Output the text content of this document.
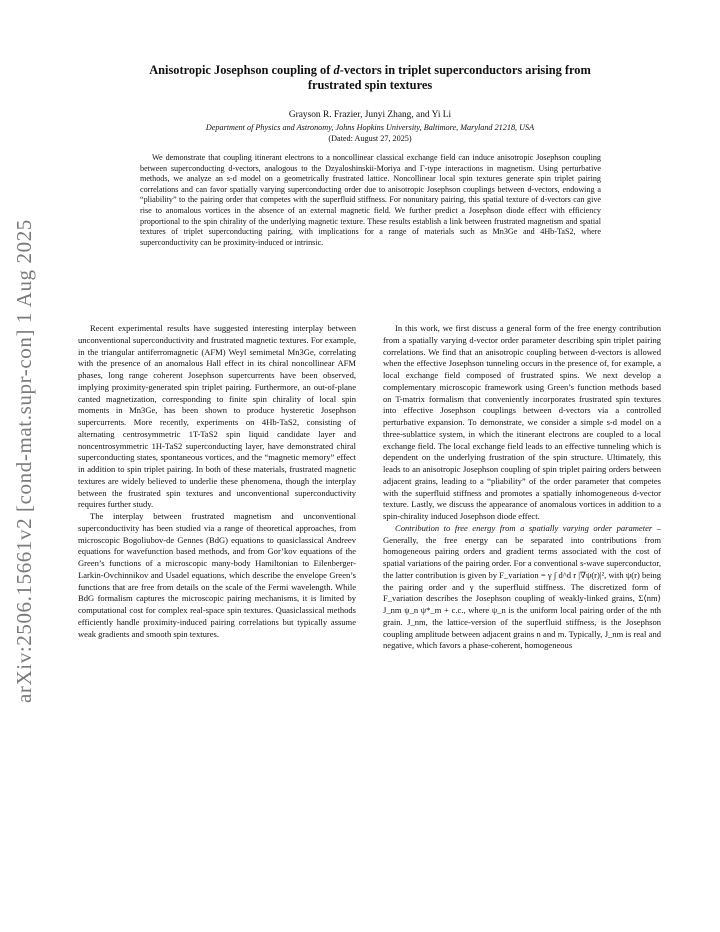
arXiv:2506.15661v2 [cond-mat.supr-con] 1 Aug 2025
Anisotropic Josephson coupling of d-vectors in triplet superconductors arising from
frustrated spin textures
Grayson R. Frazier, Junyi Zhang, and Yi Li
Department of Physics and Astronomy, Johns Hopkins University, Baltimore, Maryland 21218, USA
(Dated: August 27, 2025)
We demonstrate that coupling itinerant electrons to a noncollinear classical exchange field can induce anisotropic Josephson coupling between superconducting d-vectors, analogous to the Dzyaloshinskii-Moriya and Γ-type interactions in magnetism. Using perturbative methods, we analyze an s-d model on a geometrically frustrated lattice. Noncollinear local spin textures generate spin triplet pairing correlations and can favor spatially varying superconducting order due to anisotropic Josephson couplings between d-vectors, endowing a “pliability” to the pairing order that competes with the superfluid stiffness. For nonunitary pairing, this spatial texture of d-vectors can give rise to anomalous vortices in the absence of an external magnetic field. We further predict a Josephson diode effect with efficiency proportional to the spin chirality of the underlying magnetic texture. These results establish a link between frustrated magnetism and spatial textures of triplet superconducting pairing, with implications for a range of materials such as Mn3Ge and 4Hb-TaS2, where superconductivity can be proximity-induced or intrinsic.

Recent experimental results have suggested interesting interplay between unconventional superconductivity and frustrated magnetic textures. For example, in the triangular antiferromagnetic (AFM) Weyl semimetal Mn3Ge, correlating with the presence of an anomalous Hall effect in its chiral noncollinear AFM phases, long range coherent Josephson supercurrents have been observed, implying proximity-generated spin triplet pairing. Furthermore, an out-of-plane canted magnetization, corresponding to finite spin chirality of local spin moments in Mn3Ge, has been shown to produce hysteretic Josephson supercurrents. More recently, experiments on 4Hb-TaS2, consisting of alternating centrosymmetric 1T-TaS2 spin liquid candidate layer and noncentrosymmetric 1H-TaS2 superconducting layer, have demonstrated chiral superconducting states, spontaneous vortices, and the “magnetic memory” effect in addition to spin triplet pairing. In both of these materials, frustrated magnetic textures are widely believed to underlie these phenomena, though the interplay between the frustrated spin textures and unconventional superconductivity requires further study.

The interplay between frustrated magnetism and unconventional superconductivity has been studied via a range of theoretical approaches, from microscopic Bogoliubov-de Gennes (BdG) equations to quasiclassical Andreev equations for wavefunction based methods, and from Gor’kov equations of the Green’s functions of a microscopic many-body Hamiltonian to Eilenberger-Larkin-Ovchinnikov and Usadel equations, which describe the envelope Green’s functions that are free from details on the scale of the Fermi wavelength. While BdG formalism captures the microscopic pairing mechanisms, it is limited by computational cost for complex real-space spin textures. Quasiclassical methods efficiently handle proximity-induced pairing correlations but typically assume weak gradients and smooth spin textures.

In this work, we first discuss a general form of the free energy contribution from a spatially varying d-vector order parameter describing spin triplet pairing correlations. We find that an anisotropic coupling between d-vectors is allowed when the effective Josephson tunneling occurs in the presence of, for example, a local exchange field composed of frustrated spins. We next develop a complementary microscopic framework using Green’s function methods based on T-matrix formalism that conveniently incorporates frustrated spin textures into effective Josephson couplings between d-vectors via a controlled perturbative expansion. To demonstrate, we consider a simple s-d model on a three-sublattice system, in which the itinerant electrons are coupled to a local exchange field. The local exchange field leads to an effective tunneling which is dependent on the underlying frustration of the spin structure. Ultimately, this leads to an anisotropic Josephson coupling of spin triplet pairing orders between adjacent grains, leading to a “pliability” of the order parameter that competes with the superfluid stiffness and promotes a spatially inhomogeneous d-vector texture. Lastly, we discuss the appearance of anomalous vortices in addition to a spin-chirality induced Josephson diode effect.

Contribution to free energy from a spatially varying order parameter – Generally, the free energy can be separated into contributions from homogeneous pairing orders and gradient terms associated with the cost of spatial variations of the pairing order. For a conventional s-wave superconductor, the latter contribution is given by F_variation = γ ∫ d^d r |∇ψ(r)|², with ψ(r) being the pairing order and γ the superfluid stiffness. The discretized form of F_variation describes the Josephson coupling of weakly-linked grains, Σ⟨nm⟩ J_nm ψ_n ψ*_m + c.c., where ψ_n is the uniform local pairing order of the nth grain. J_nm, the lattice-version of the superfluid stiffness, is the Josephson coupling amplitude between adjacent grains n and m. Typically, J_nm is real and negative, which favors a phase-coherent, homogeneous
